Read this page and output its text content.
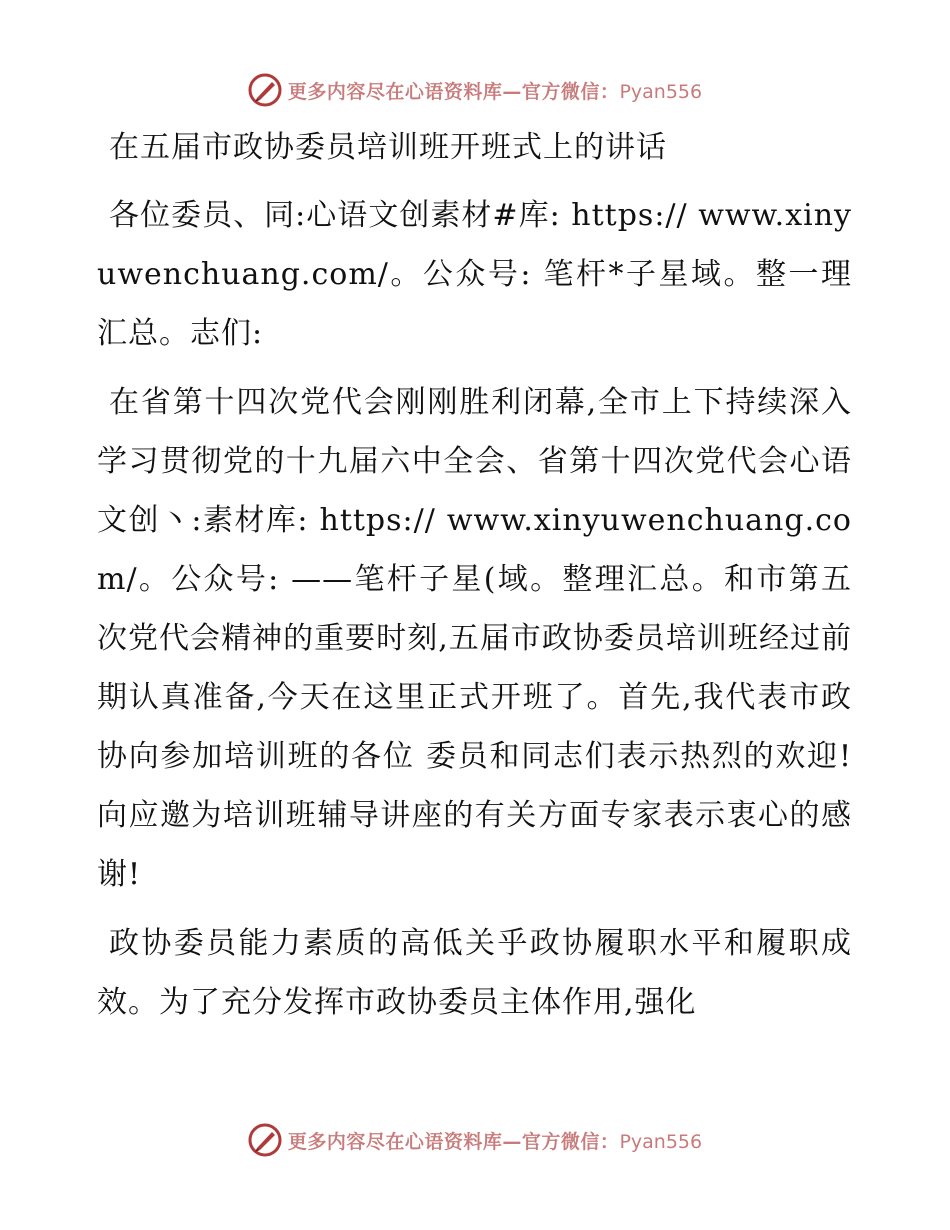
更多内容尽在心语资料库—官方微信：Pyan556
在五届市政协委员培训班开班式上的讲话

各位委员、同:心语文创素材#库: https:// www.xinyuwenchuang.com/。公众号: 笔杆*子星域。整一理汇总。志们:

在省第十四次党代会刚刚胜利闭幕,全市上下持续深入学习贯彻党的十九届六中全会、省第十四次党代会心语文创丶:素材库: https:// www.xinyuwenchuang.com/。公众号: ——笔杆子星(域。整理汇总。和市第五次党代会精神的重要时刻,五届市政协委员培训班经过前期认真准备,今天在这里正式开班了。首先,我代表市政协向参加培训班的各位 委员和同志们表示热烈的欢迎! 向应邀为培训班辅导讲座的有关方面专家表示衷心的感谢!

政协委员能力素质的高低关乎政协履职水平和履职成效。为了充分发挥市政协委员主体作用,强化

更多内容尽在心语资料库—官方微信：Pyan556
